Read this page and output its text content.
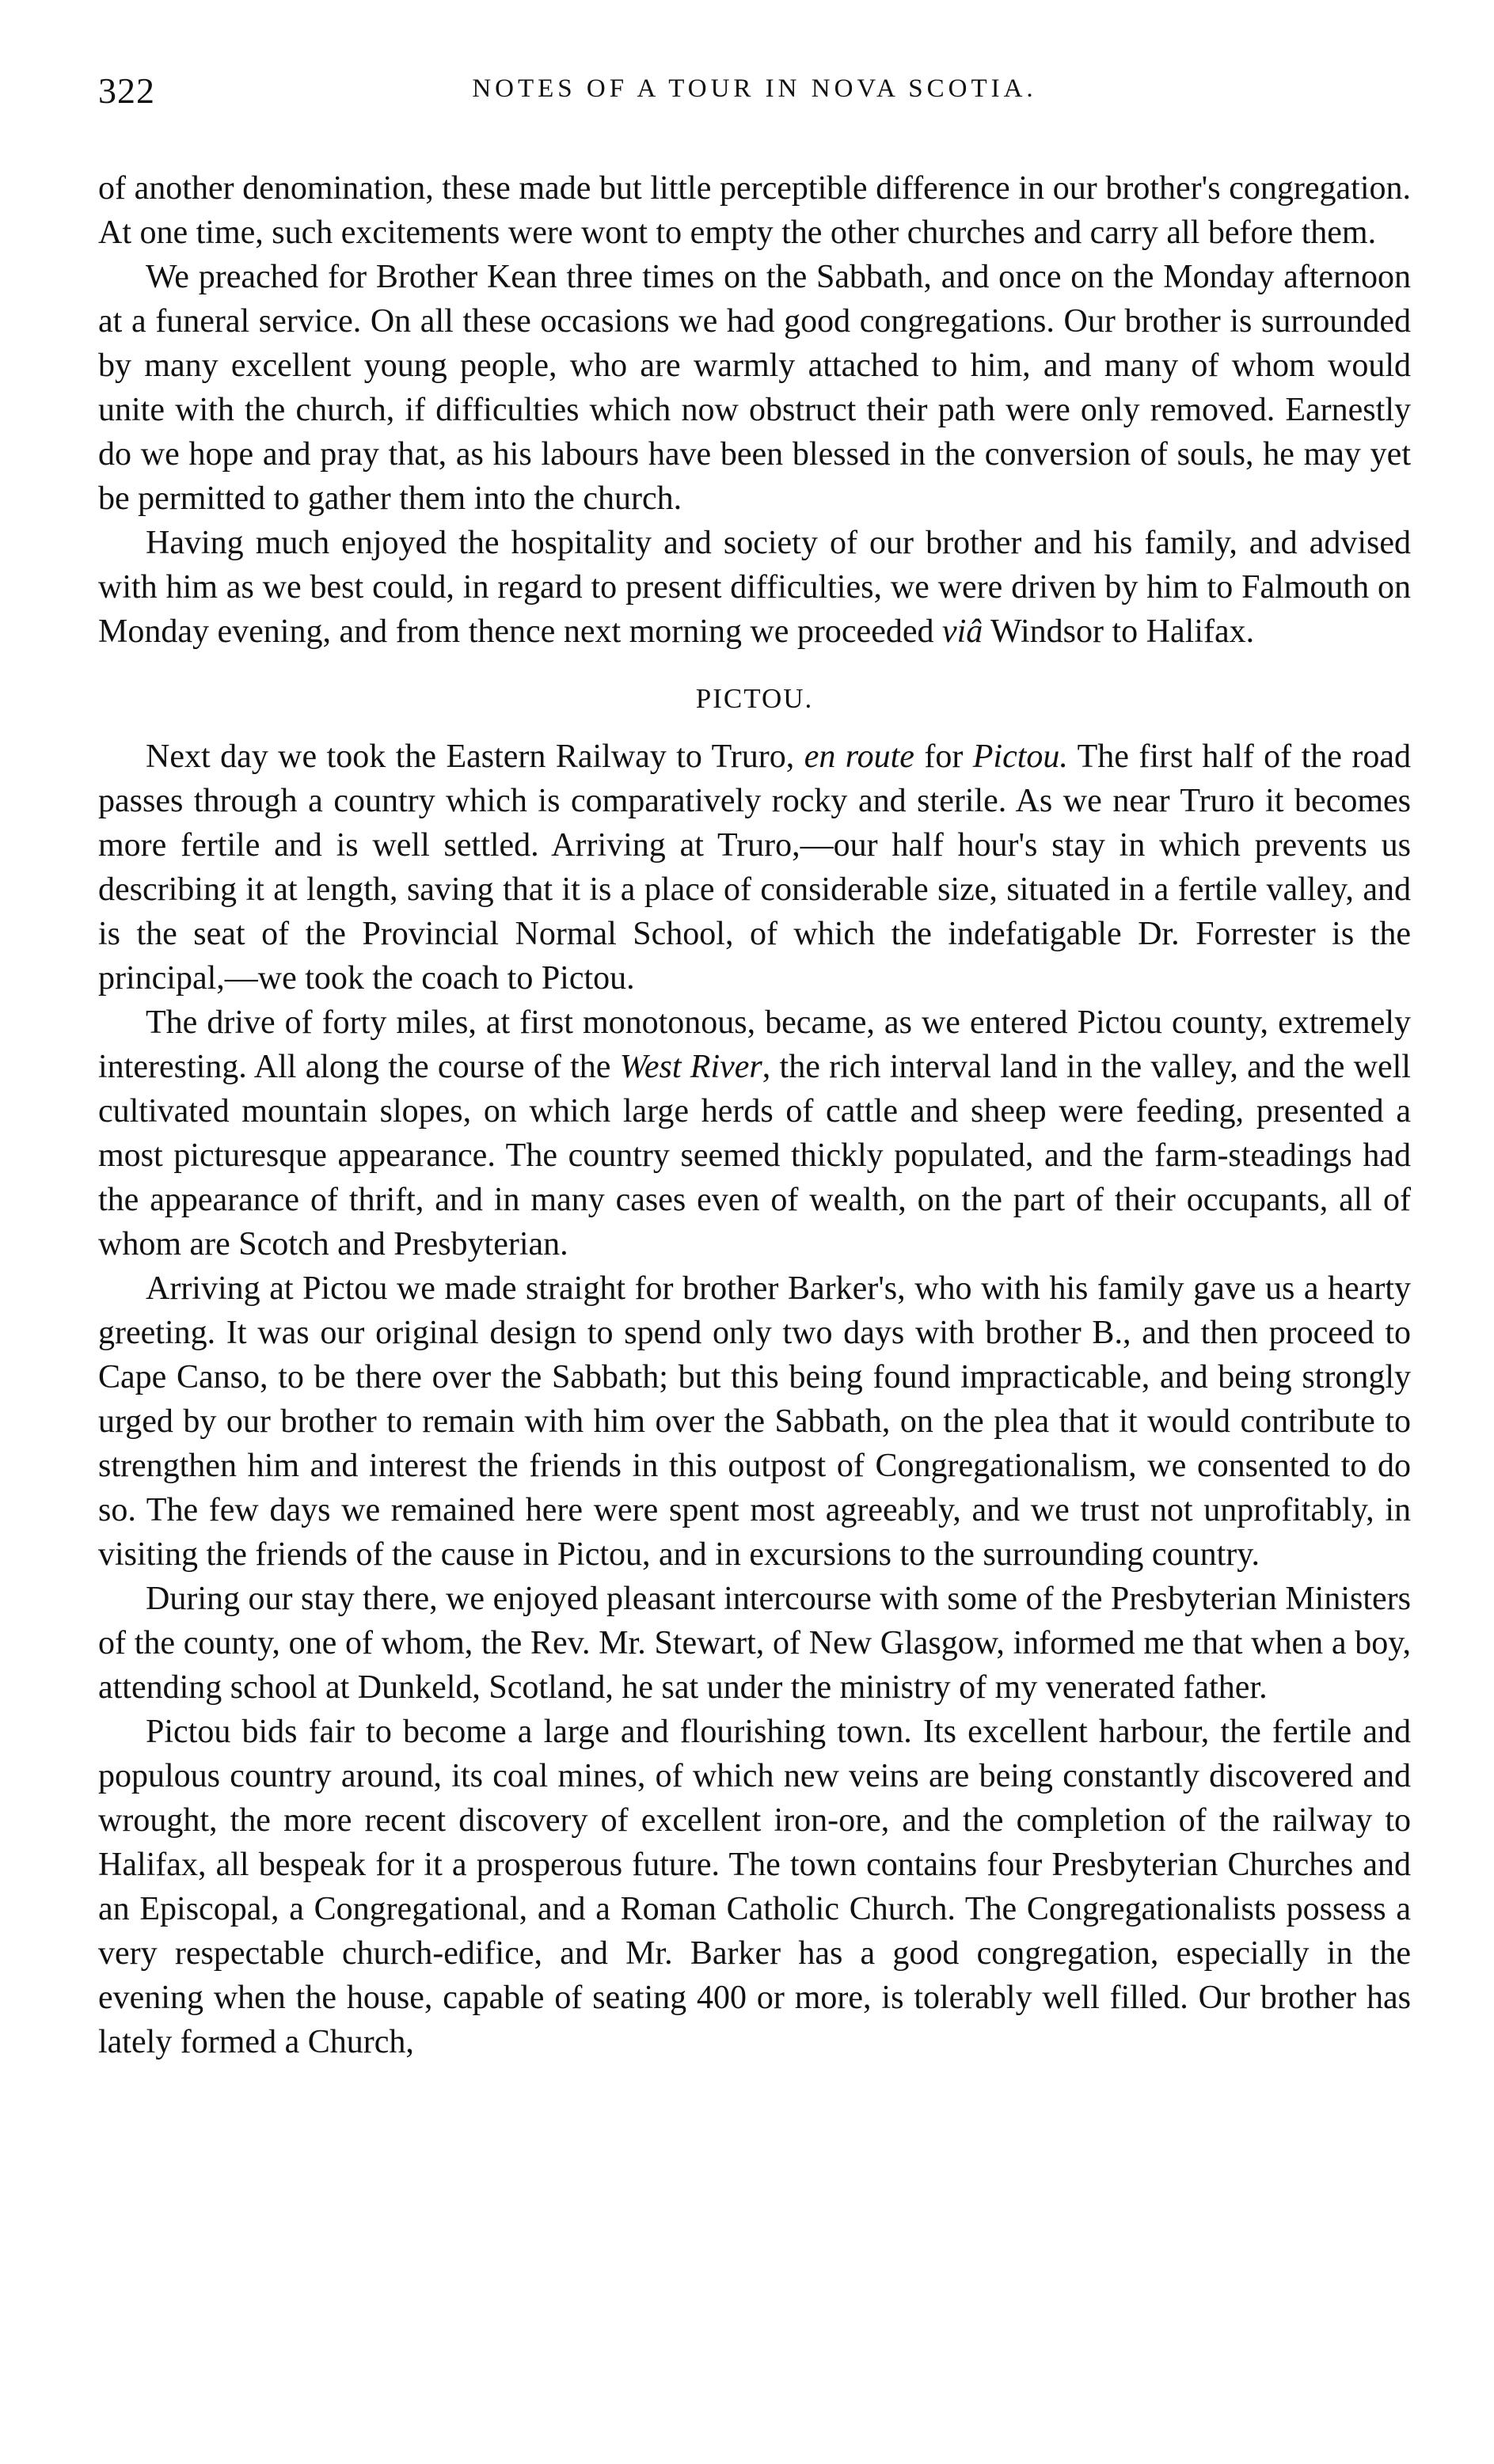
322	NOTES OF A TOUR IN NOVA SCOTIA.

of another denomination, these made but little perceptible difference in our brother's congregation. At one time, such excitements were wont to empty the other churches and carry all before them.

We preached for Brother Kean three times on the Sabbath, and once on the Monday afternoon at a funeral service. On all these occasions we had good congregations. Our brother is surrounded by many excellent young people, who are warmly attached to him, and many of whom would unite with the church, if difficulties which now obstruct their path were only removed. Earnestly do we hope and pray that, as his labours have been blessed in the conversion of souls, he may yet be permitted to gather them into the church.

Having much enjoyed the hospitality and society of our brother and his family, and advised with him as we best could, in regard to present difficulties, we were driven by him to Falmouth on Monday evening, and from thence next morning we proceeded viâ Windsor to Halifax.

PICTOU.

Next day we took the Eastern Railway to Truro, en route for Pictou. The first half of the road passes through a country which is comparatively rocky and sterile. As we near Truro it becomes more fertile and is well settled. Arriving at Truro,—our half hour's stay in which prevents us describing it at length, saving that it is a place of considerable size, situated in a fertile valley, and is the seat of the Provincial Normal School, of which the indefatigable Dr. Forrester is the principal,—we took the coach to Pictou.

The drive of forty miles, at first monotonous, became, as we entered Pictou county, extremely interesting. All along the course of the West River, the rich interval land in the valley, and the well cultivated mountain slopes, on which large herds of cattle and sheep were feeding, presented a most picturesque appearance. The country seemed thickly populated, and the farm-steadings had the appearance of thrift, and in many cases even of wealth, on the part of their occupants, all of whom are Scotch and Presbyterian.

Arriving at Pictou we made straight for brother Barker's, who with his family gave us a hearty greeting. It was our original design to spend only two days with brother B., and then proceed to Cape Canso, to be there over the Sabbath; but this being found impracticable, and being strongly urged by our brother to remain with him over the Sabbath, on the plea that it would contribute to strengthen him and interest the friends in this outpost of Congregationalism, we consented to do so. The few days we remained here were spent most agreeably, and we trust not unprofitably, in visiting the friends of the cause in Pictou, and in excursions to the surrounding country.

During our stay there, we enjoyed pleasant intercourse with some of the Presbyterian Ministers of the county, one of whom, the Rev. Mr. Stewart, of New Glasgow, informed me that when a boy, attending school at Dunkeld, Scotland, he sat under the ministry of my venerated father.

Pictou bids fair to become a large and flourishing town. Its excellent harbour, the fertile and populous country around, its coal mines, of which new veins are being constantly discovered and wrought, the more recent discovery of excellent iron-ore, and the completion of the railway to Halifax, all bespeak for it a prosperous future. The town contains four Presbyterian Churches and an Episcopal, a Congregational, and a Roman Catholic Church. The Congregationalists possess a very respectable church-edifice, and Mr. Barker has a good congregation, especially in the evening when the house, capable of seating 400 or more, is tolerably well filled. Our brother has lately formed a Church,
